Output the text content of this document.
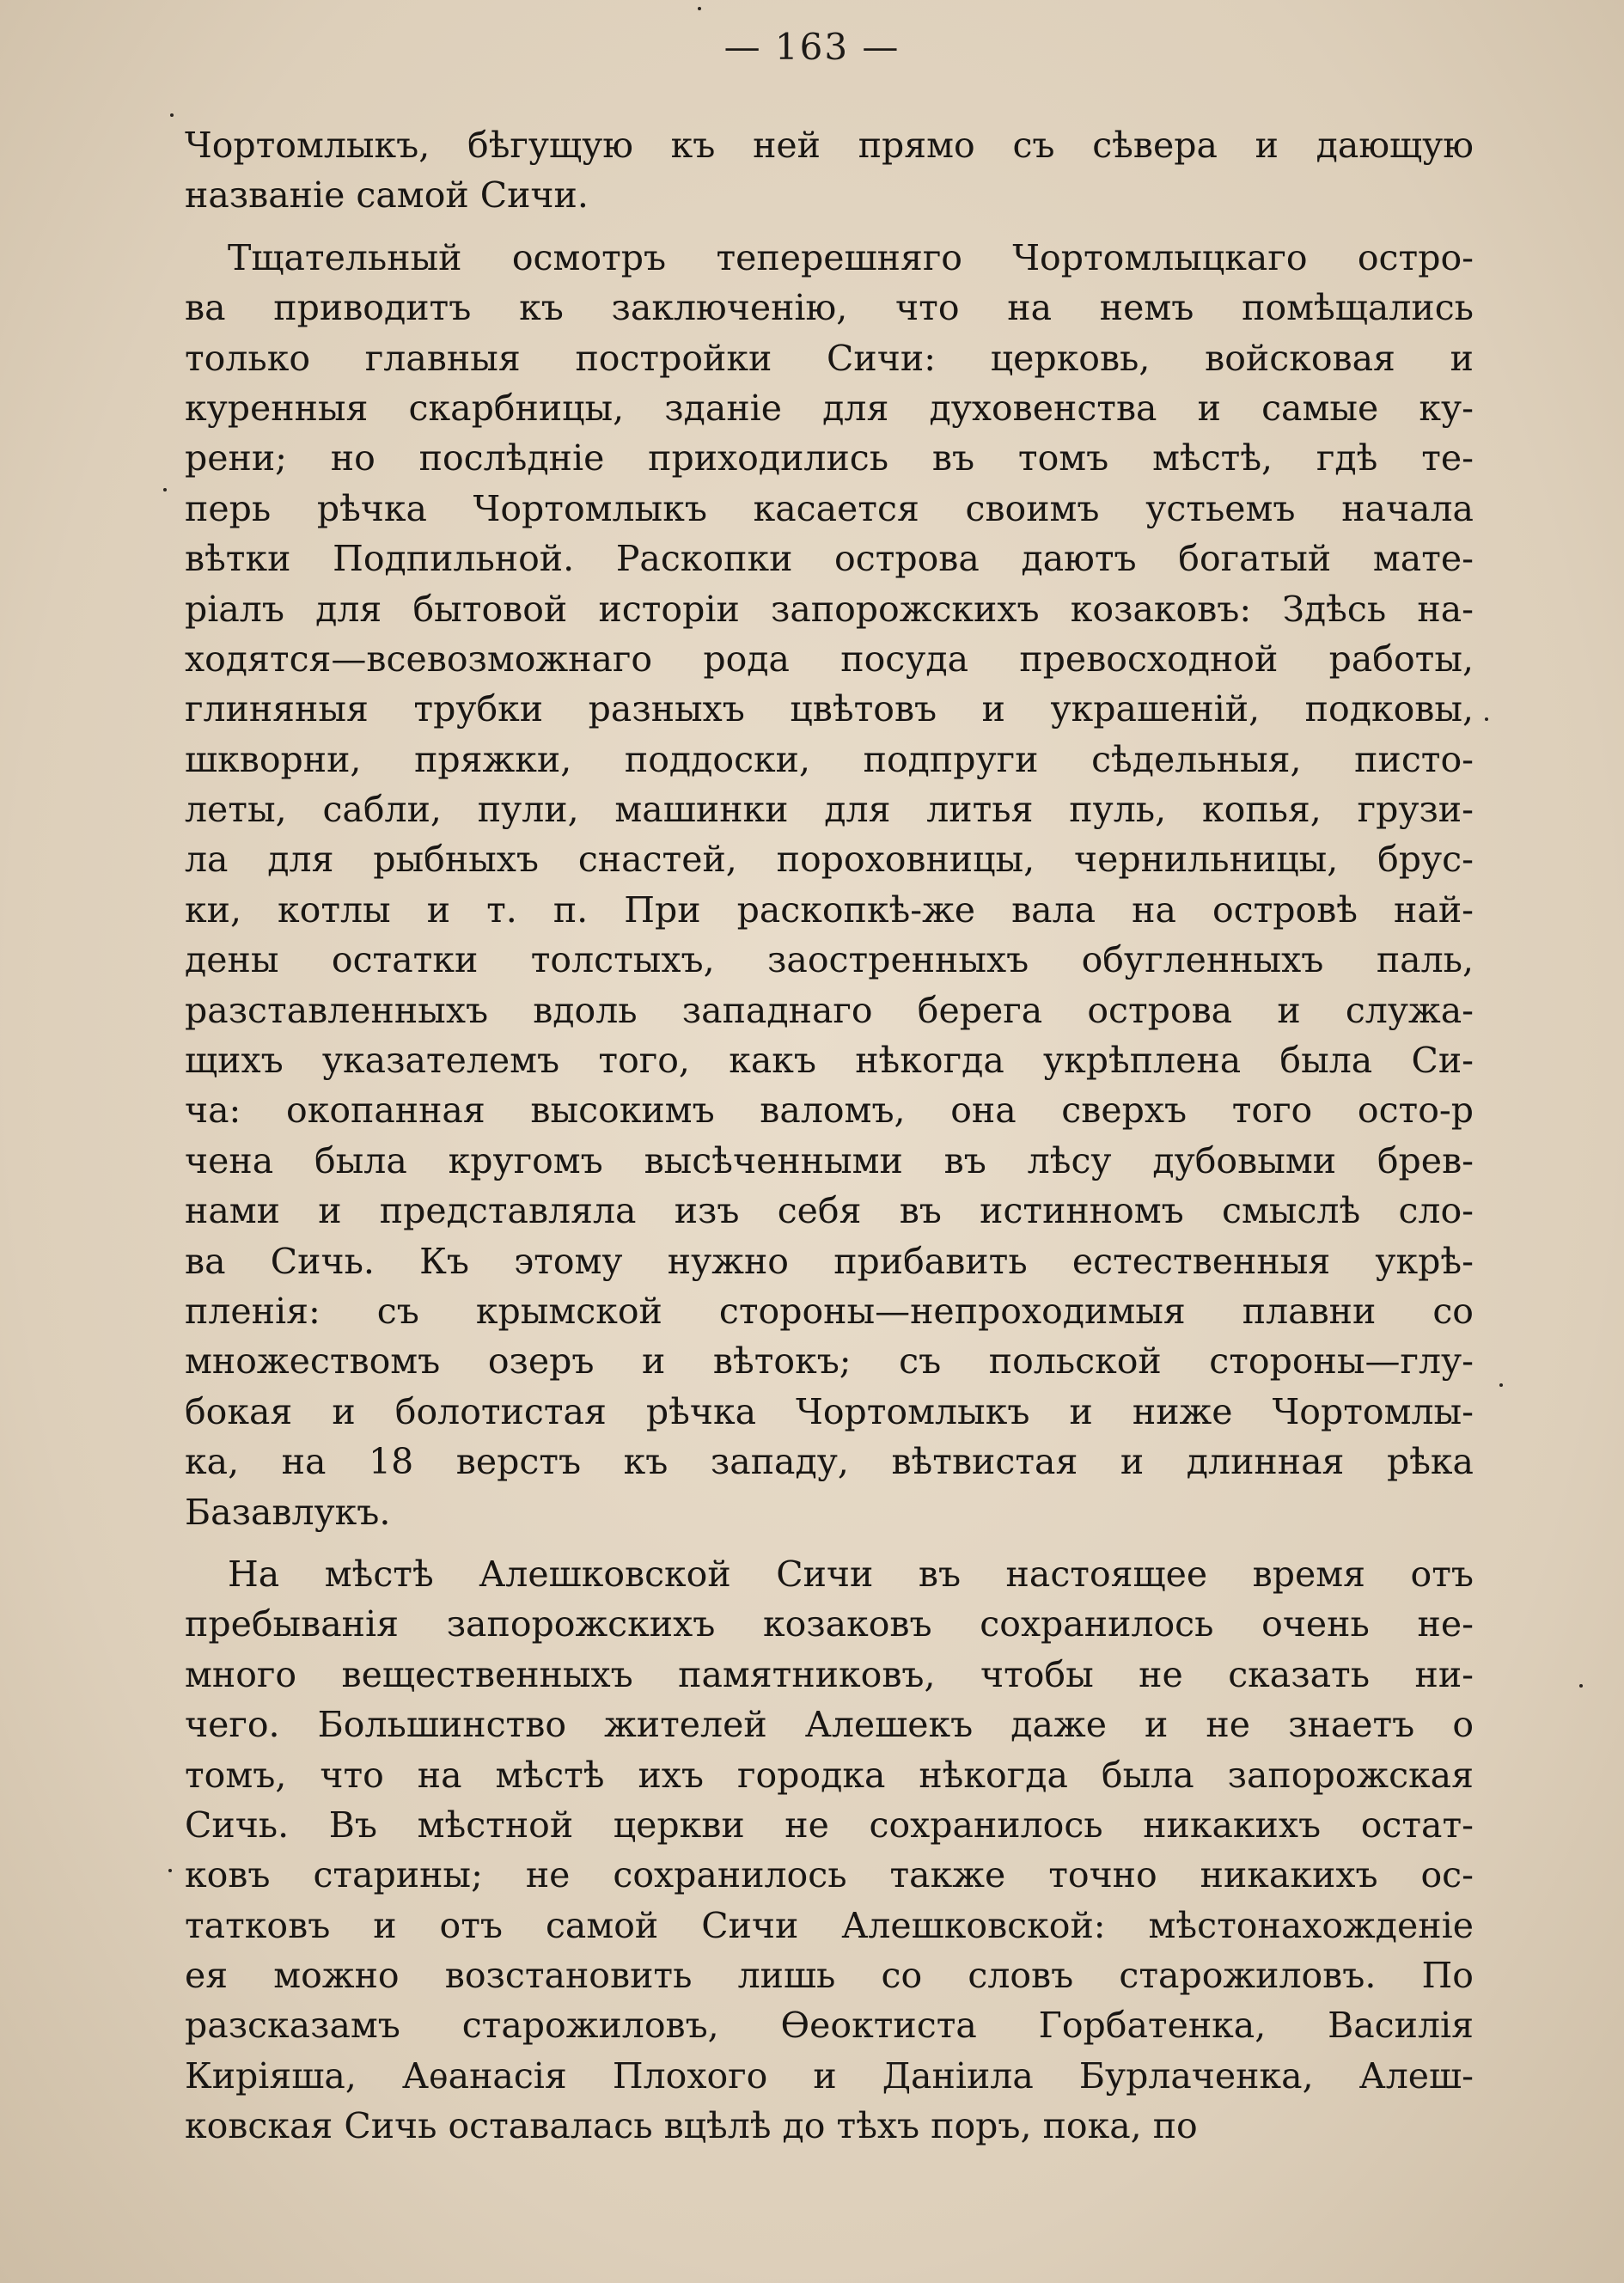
— 163 —
Чортомлыкъ, бѣгущую къ ней прямо съ сѣвера и дающую
названіе самой Сичи.
Тщательный осмотръ теперешняго Чортомлыцкаго остро-
ва приводитъ къ заключенію, что на немъ помѣщались
только главныя постройки Сичи: церковь, войсковая и
куренныя скарбницы, зданіе для духовенства и самые ку-
рени; но послѣдніе приходились въ томъ мѣстѣ, гдѣ те-
перь рѣчка Чортомлыкъ касается своимъ устьемъ начала
вѣтки Подпильной. Раскопки острова даютъ богатый мате-
ріалъ для бытовой исторіи запорожскихъ козаковъ: Здѣсь на-
ходятся—всевозможнаго рода посуда превосходной работы,
глиняныя трубки разныхъ цвѣтовъ и украшеній, подковы,
шкворни, пряжки, поддоски, подпруги сѣдельныя, писто-
леты, сабли, пули, машинки для литья пуль, копья, грузи-
ла для рыбныхъ снастей, пороховницы, чернильницы, брус-
ки, котлы и т. п. При раскопкѣ-же вала на островѣ най-
дены остатки толстыхъ, заостренныхъ обугленныхъ паль,
разставленныхъ вдоль западнаго берега острова и служа-
щихъ указателемъ того, какъ нѣкогда укрѣплена была Си-
ча: окопанная высокимъ валомъ, она сверхъ того осто-р
чена была кругомъ высѣченными въ лѣсу дубовыми брев-
нами и представляла изъ себя въ истинномъ смыслѣ сло-
ва Сичь. Къ этому нужно прибавить естественныя укрѣ-
пленія: съ крымской стороны—непроходимыя плавни со
множествомъ озеръ и вѣтокъ; съ польской стороны—глу-
бокая и болотистая рѣчка Чортомлыкъ и ниже Чортомлы-
ка, на 18 верстъ къ западу, вѣтвистая и длинная рѣка
Базавлукъ.
На мѣстѣ Алешковской Сичи въ настоящее время отъ
пребыванія запорожскихъ козаковъ сохранилось очень не-
много вещественныхъ памятниковъ, чтобы не сказать ни-
чего. Большинство жителей Алешекъ даже и не знаетъ о
томъ, что на мѣстѣ ихъ городка нѣкогда была запорожская
Сичь. Въ мѣстной церкви не сохранилось никакихъ остат-
ковъ старины; не сохранилось также точно никакихъ ос-
татковъ и отъ самой Сичи Алешковской: мѣстонахожденіе
ея можно возстановить лишь со словъ старожиловъ. По
разсказамъ старожиловъ, Ѳеоктиста Горбатенка, Василія
Киріяша, Аѳанасія Плохого и Даніила Бурлаченка, Алеш-
ковская Сичь оставалась вцѣлѣ до тѣхъ поръ, пока, по
